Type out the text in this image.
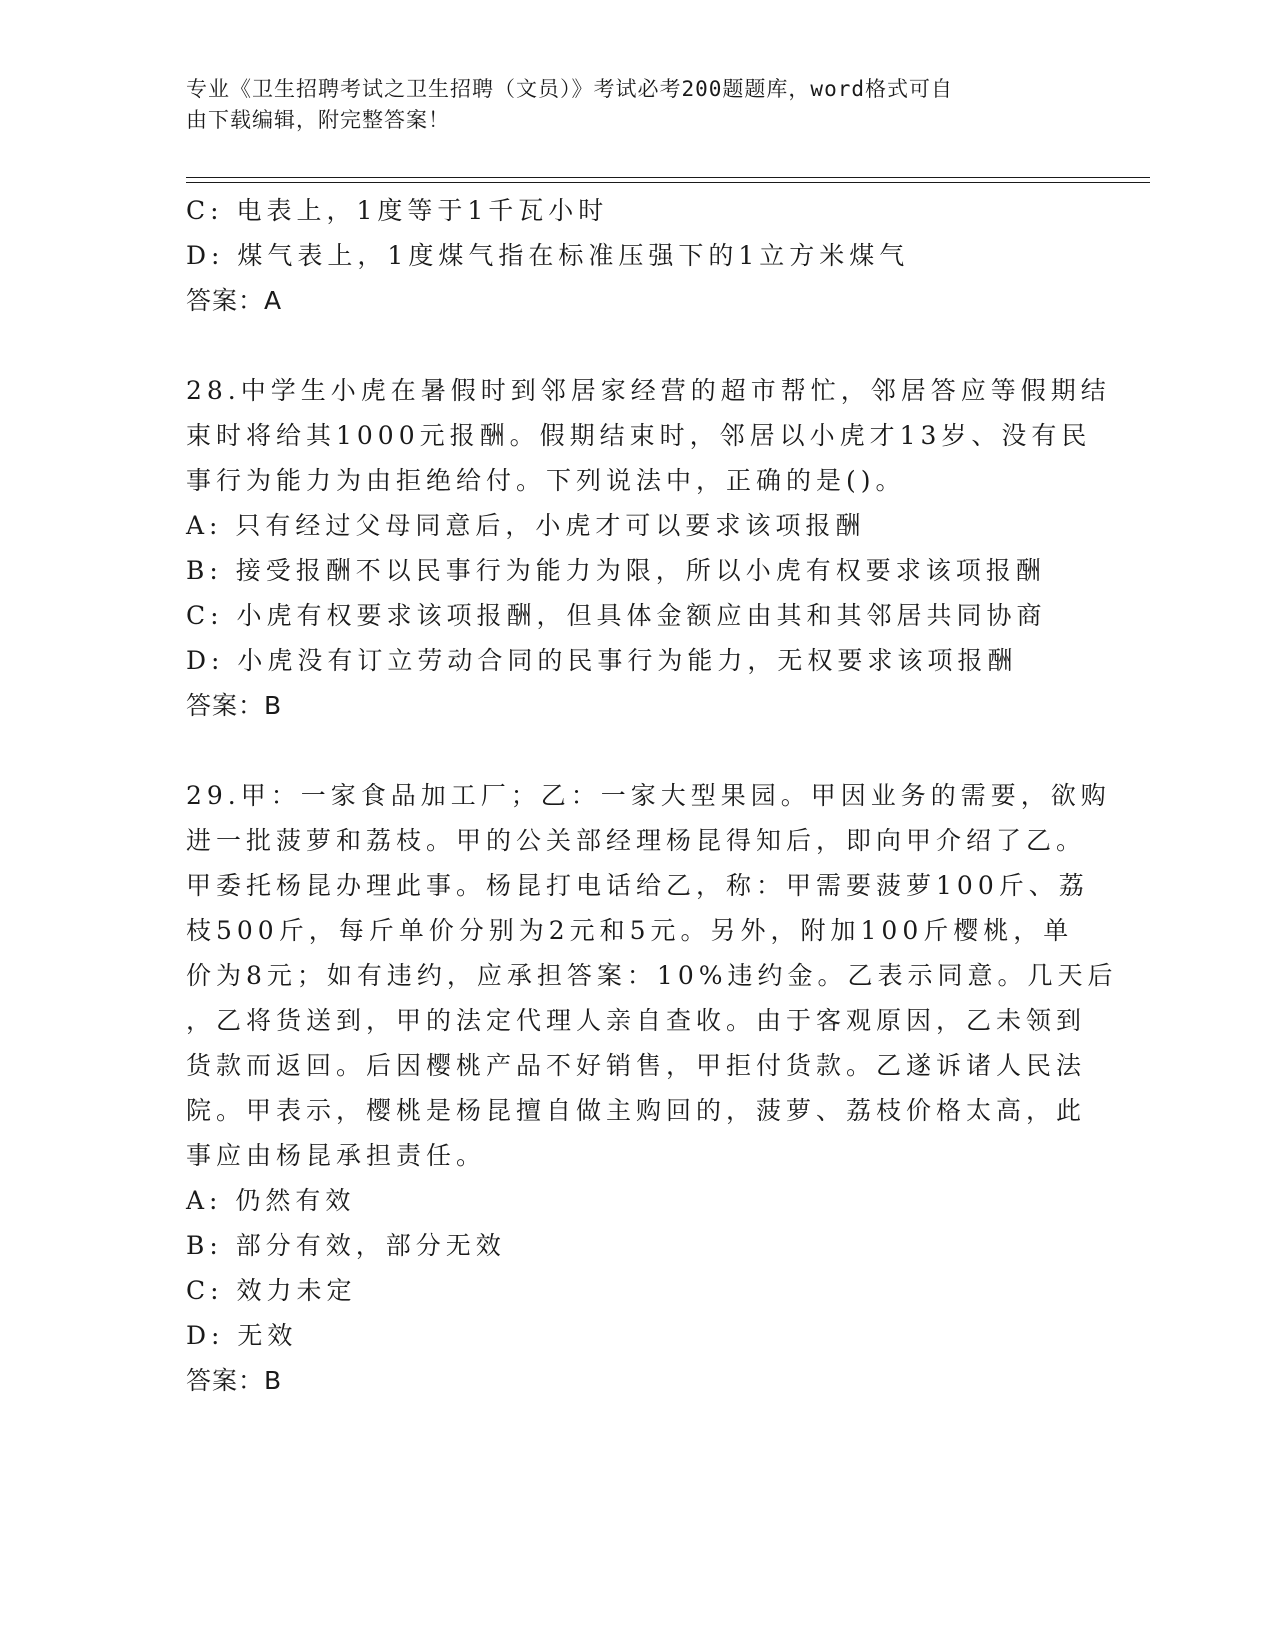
专业《卫生招聘考试之卫生招聘（文员）》考试必考200题题库，word格式可自
由下载编辑，附完整答案！
C: 电表上，1度等于1千瓦小时
D: 煤气表上，1度煤气指在标准压强下的1立方米煤气
答案：A
28.中学生小虎在暑假时到邻居家经营的超市帮忙，邻居答应等假期结
束时将给其1000元报酬。假期结束时，邻居以小虎才13岁、没有民
事行为能力为由拒绝给付。下列说法中，正确的是()。
A: 只有经过父母同意后，小虎才可以要求该项报酬
B: 接受报酬不以民事行为能力为限，所以小虎有权要求该项报酬
C: 小虎有权要求该项报酬，但具体金额应由其和其邻居共同协商
D: 小虎没有订立劳动合同的民事行为能力，无权要求该项报酬
答案：B
29.甲：一家食品加工厂；乙：一家大型果园。甲因业务的需要，欲购
进一批菠萝和荔枝。甲的公关部经理杨昆得知后，即向甲介绍了乙。
甲委托杨昆办理此事。杨昆打电话给乙，称：甲需要菠萝100斤、荔
枝500斤，每斤单价分别为2元和5元。另外，附加100斤樱桃，单
价为8元；如有违约，应承担答案：10%违约金。乙表示同意。几天后
，乙将货送到，甲的法定代理人亲自查收。由于客观原因，乙未领到
货款而返回。后因樱桃产品不好销售，甲拒付货款。乙遂诉诸人民法
院。甲表示，樱桃是杨昆擅自做主购回的，菠萝、荔枝价格太高，此
事应由杨昆承担责任。
A: 仍然有效
B: 部分有效，部分无效
C: 效力未定
D: 无效
答案：B
